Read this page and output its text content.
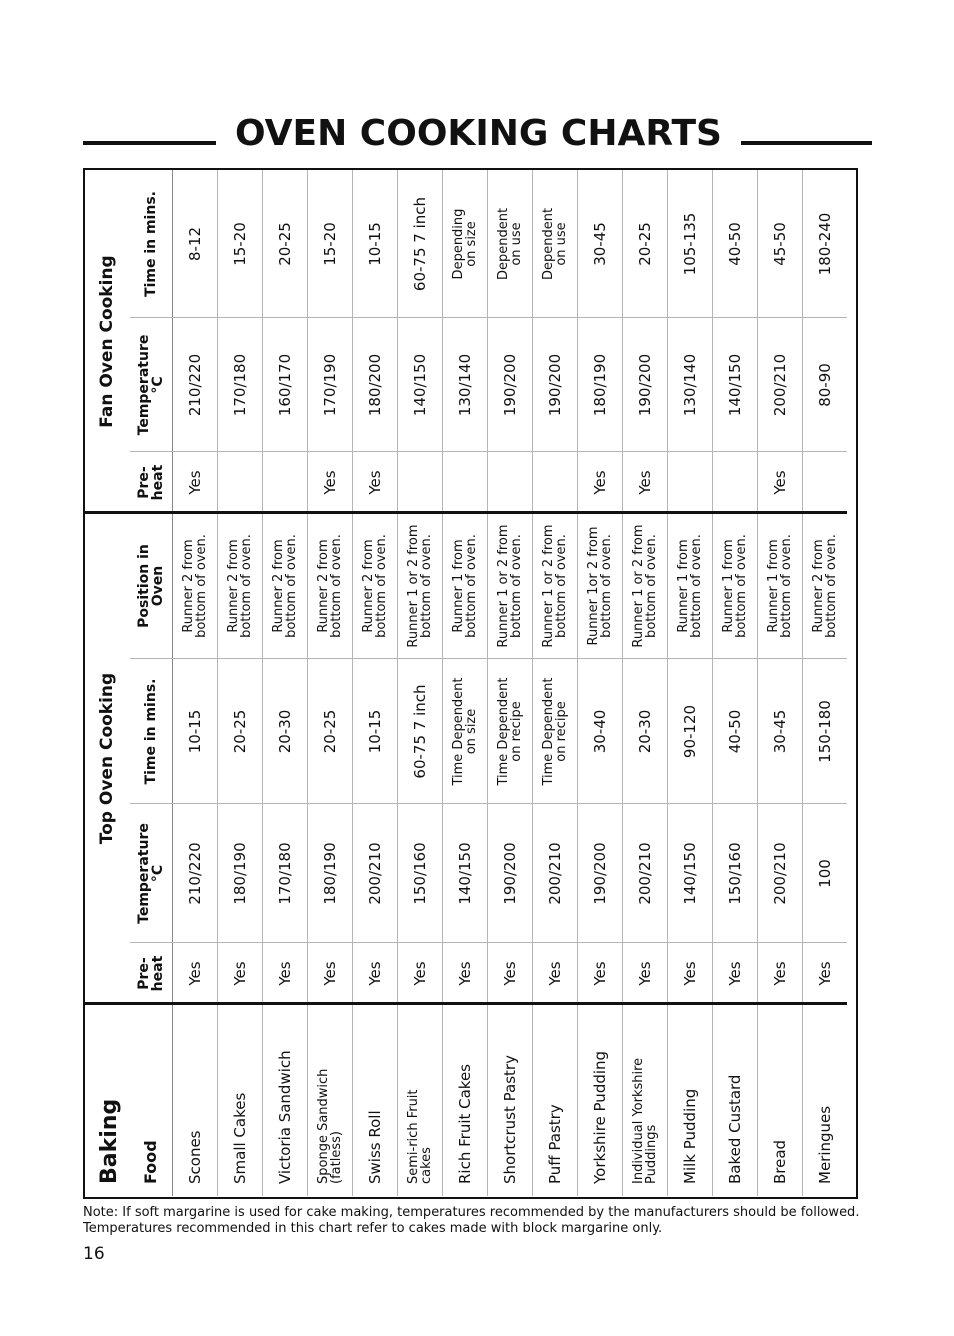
OVEN COOKING CHARTS
Baking
Top Oven Cooking
Fan Oven Cooking
Food
Pre-
heat
Temperature
°C
Time in mins.
Position in
Oven
Pre-
heat
Temperature
°C
Time in mins.
Scones
Yes
210/220
10-15
Runner 2 from
bottom of oven.
Yes
210/220
8-12
Small Cakes
Yes
180/190
20-25
Runner 2 from
bottom of oven.
170/180
15-20
Victoria Sandwich
Yes
170/180
20-30
Runner 2 from
bottom of oven.
160/170
20-25
Sponge Sandwich
(fatless)
Yes
180/190
20-25
Runner 2 from
bottom of oven.
Yes
170/190
15-20
Swiss Roll
Yes
200/210
10-15
Runner 2 from
bottom of oven.
Yes
180/200
10-15
Semi-rich Fruit
cakes
Yes
150/160
60-75 7 inch
Runner 1 or 2 from
bottom of oven.
140/150
60-75 7 inch
Rich Fruit Cakes
Yes
140/150
Time Dependent
on size
Runner 1 from
bottom of oven.
130/140
Depending
on size
Shortcrust Pastry
Yes
190/200
Time Dependent
on recipe
Runner 1 or 2 from
bottom of oven.
190/200
Dependent
on use
Puff Pastry
Yes
200/210
Time Dependent
on recipe
Runner 1 or 2 from
bottom of oven.
190/200
Dependent
on use
Yorkshire Pudding
Yes
190/200
30-40
Runner 1or 2 from
bottom of oven.
Yes
180/190
30-45
Individual Yorkshire
Puddings
Yes
200/210
20-30
Runner 1 or 2 from
bottom of oven.
Yes
190/200
20-25
Milk Pudding
Yes
140/150
90-120
Runner 1 from
bottom of oven.
130/140
105-135
Baked Custard
Yes
150/160
40-50
Runner 1 from
bottom of oven.
140/150
40-50
Bread
Yes
200/210
30-45
Runner 1 from
bottom of oven.
Yes
200/210
45-50
Meringues
Yes
100
150-180
Runner 2 from
bottom of oven.
80-90
180-240
Note: If soft margarine is used for cake making, temperatures recommended by the manufacturers should be followed. Temperatures recommended in this chart refer to cakes made with block margarine only.
16
